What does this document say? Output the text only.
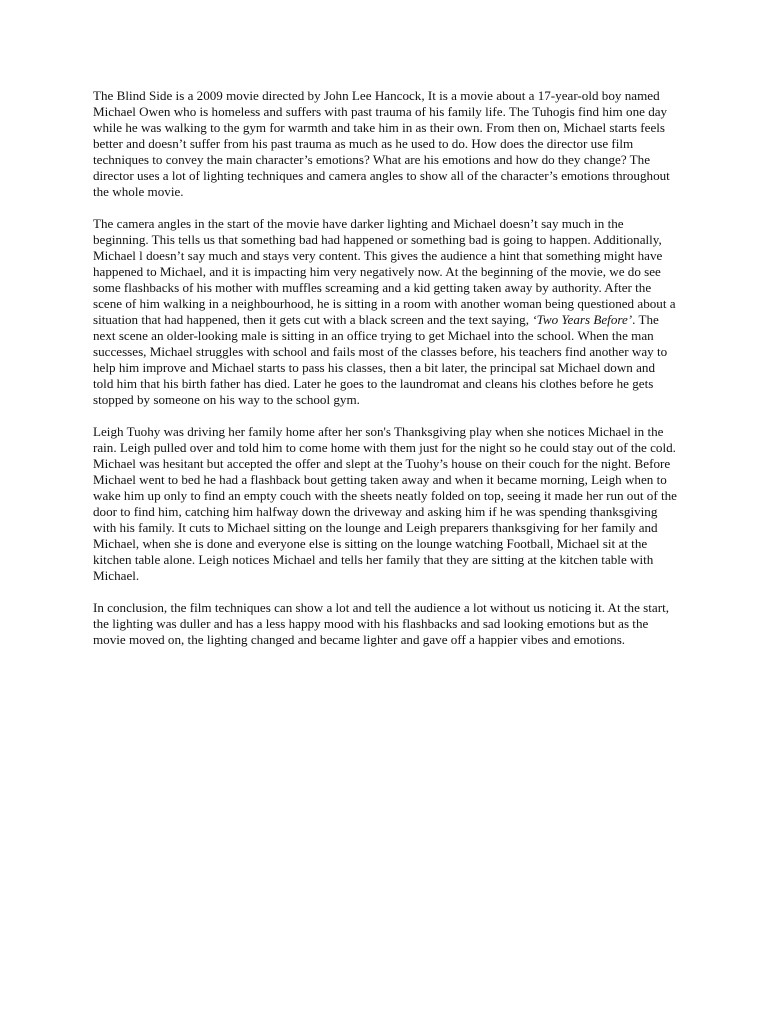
The Blind Side is a 2009 movie directed by John Lee Hancock, It is a movie about a 17-year-old boy named Michael Owen who is homeless and suffers with past trauma of his family life. The Tuhogis find him one day while he was walking to the gym for warmth and take him in as their own. From then on, Michael starts feels better and doesn’t suffer from his past trauma as much as he used to do. How does the director use film techniques to convey the main character’s emotions? What are his emotions and how do they change? The director uses a lot of lighting techniques and camera angles to show all of the character’s emotions throughout the whole movie.

The camera angles in the start of the movie have darker lighting and Michael doesn’t say much in the beginning. This tells us that something bad had happened or something bad is going to happen. Additionally, Michael l doesn’t say much and stays very content. This gives the audience a hint that something might have happened to Michael, and it is impacting him very negatively now. At the beginning of the movie, we do see some flashbacks of his mother with muffles screaming and a kid getting taken away by authority. After the scene of him walking in a neighbourhood, he is sitting in a room with another woman being questioned about a situation that had happened, then it gets cut with a black screen and the text saying, ‘Two Years Before’. The next scene an older-looking male is sitting in an office trying to get Michael into the school. When the man successes, Michael struggles with school and fails most of the classes before, his teachers find another way to help him improve and Michael starts to pass his classes, then a bit later, the principal sat Michael down and told him that his birth father has died. Later he goes to the laundromat and cleans his clothes before he gets stopped by someone on his way to the school gym.

Leigh Tuohy was driving her family home after her son's Thanksgiving play when she notices Michael in the rain. Leigh pulled over and told him to come home with them just for the night so he could stay out of the cold. Michael was hesitant but accepted the offer and slept at the Tuohy’s house on their couch for the night. Before Michael went to bed he had a flashback bout getting taken away and when it became morning, Leigh when to wake him up only to find an empty couch with the sheets neatly folded on top, seeing it made her run out of the door to find him, catching him halfway down the driveway and asking him if he was spending thanksgiving with his family. It cuts to Michael sitting on the lounge and Leigh preparers thanksgiving for her family and Michael, when she is done and everyone else is sitting on the lounge watching Football, Michael sit at the kitchen table alone. Leigh notices Michael and tells her family that they are sitting at the kitchen table with Michael.

In conclusion, the film techniques can show a lot and tell the audience a lot without us noticing it. At the start, the lighting was duller and has a less happy mood with his flashbacks and sad looking emotions but as the movie moved on, the lighting changed and became lighter and gave off a happier vibes and emotions.
